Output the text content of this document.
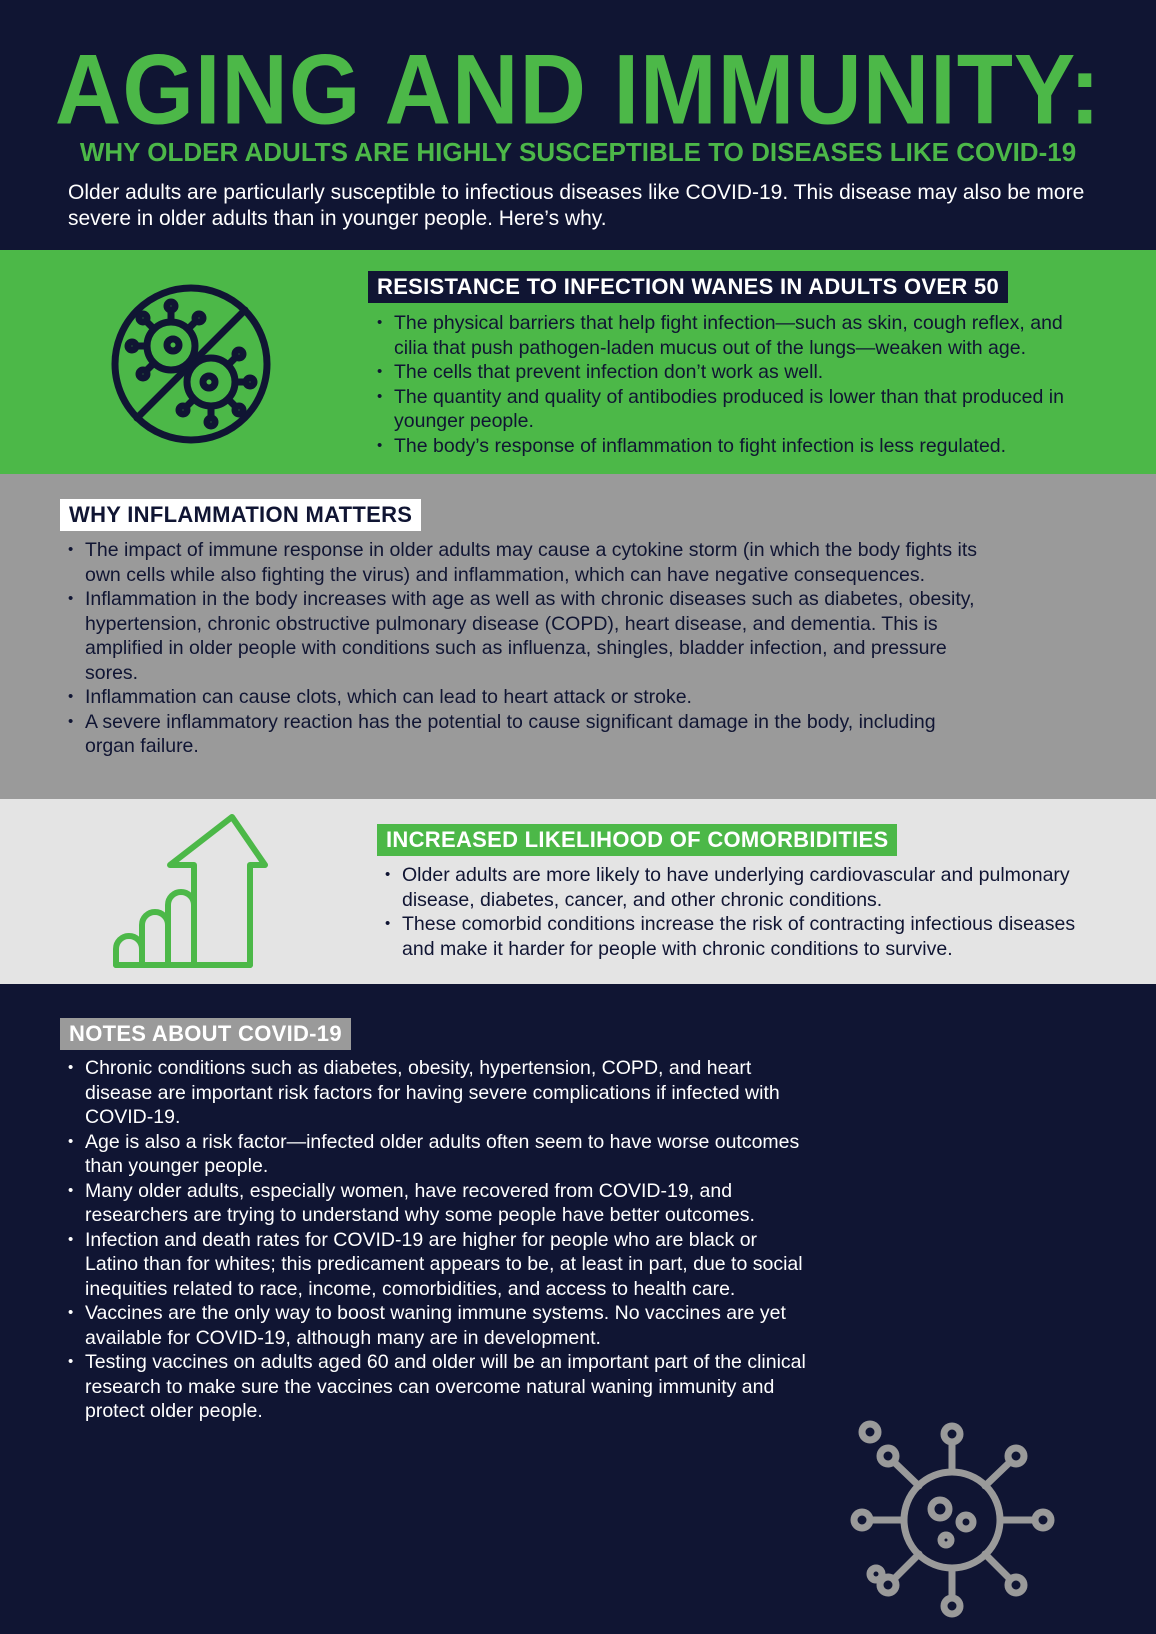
AGING AND IMMUNITY:
WHY OLDER ADULTS ARE HIGHLY SUSCEPTIBLE TO DISEASES LIKE COVID-19
Older adults are particularly susceptible to infectious diseases like COVID-19. This disease may also be more severe in older adults than in younger people. Here’s why.
RESISTANCE TO INFECTION WANES IN ADULTS OVER 50
• The physical barriers that help fight infection—such as skin, cough reflex, and cilia that push pathogen-laden mucus out of the lungs—weaken with age.
• The cells that prevent infection don’t work as well.
• The quantity and quality of antibodies produced is lower than that produced in younger people.
• The body’s response of inflammation to fight infection is less regulated.
WHY INFLAMMATION MATTERS
• The impact of immune response in older adults may cause a cytokine storm (in which the body fights its own cells while also fighting the virus) and inflammation, which can have negative consequences.
• Inflammation in the body increases with age as well as with chronic diseases such as diabetes, obesity, hypertension, chronic obstructive pulmonary disease (COPD), heart disease, and dementia. This is amplified in older people with conditions such as influenza, shingles, bladder infection, and pressure sores.
• Inflammation can cause clots, which can lead to heart attack or stroke.
• A severe inflammatory reaction has the potential to cause significant damage in the body, including organ failure.
INCREASED LIKELIHOOD OF COMORBIDITIES
• Older adults are more likely to have underlying cardiovascular and pulmonary disease, diabetes, cancer, and other chronic conditions.
• These comorbid conditions increase the risk of contracting infectious diseases and make it harder for people with chronic conditions to survive.
NOTES ABOUT COVID-19
• Chronic conditions such as diabetes, obesity, hypertension, COPD, and heart disease are important risk factors for having severe complications if infected with COVID-19.
• Age is also a risk factor—infected older adults often seem to have worse outcomes than younger people.
• Many older adults, especially women, have recovered from COVID-19, and researchers are trying to understand why some people have better outcomes.
• Infection and death rates for COVID-19 are higher for people who are black or Latino than for whites; this predicament appears to be, at least in part, due to social inequities related to race, income, comorbidities, and access to health care.
• Vaccines are the only way to boost waning immune systems. No vaccines are yet available for COVID-19, although many are in development.
• Testing vaccines on adults aged 60 and older will be an important part of the clinical research to make sure the vaccines can overcome natural waning immunity and protect older people.
